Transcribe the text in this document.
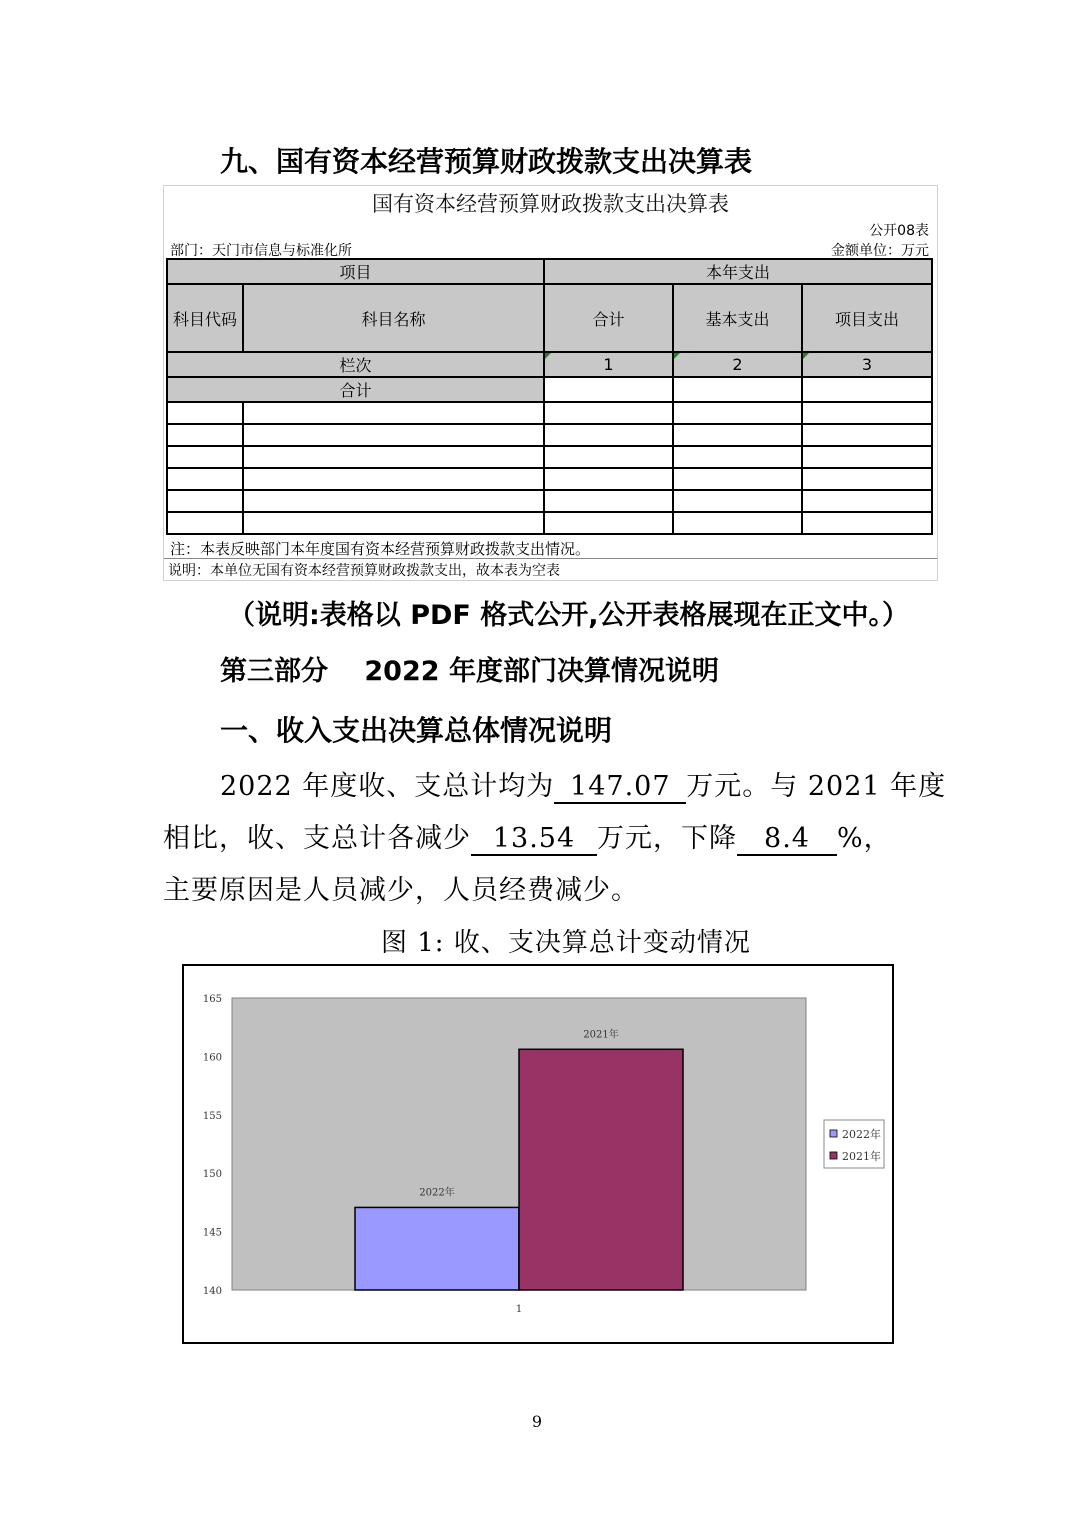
九、国有资本经营预算财政拨款支出决算表
国有资本经营预算财政拨款支出决算表
公开08表
部门：天门市信息与标准化所	金额单位：万元
项目		本年支出		
科目代码	科目名称	合计	基本支出	项目支出
栏次		1	2	3
合计				

注：本表反映部门本年度国有资本经营预算财政拨款支出情况。
说明：本单位无国有资本经营预算财政拨款支出，故本表为空表
（说明:表格以 PDF 格式公开,公开表格展现在正文中。）
第三部分　 2022 年度部门决算情况说明
一、收入支出决算总体情况说明
2022 年度收、支总计均为 147.07 万元。与 2021 年度
相比，收、支总计各减少 13.54 万元，下降 8.4 %，
主要原因是人员减少，人员经费减少。
图 1: 收、支决算总计变动情况
140
145
150
155
160
165
2022年
2021年
1
2022年
2021年
9
